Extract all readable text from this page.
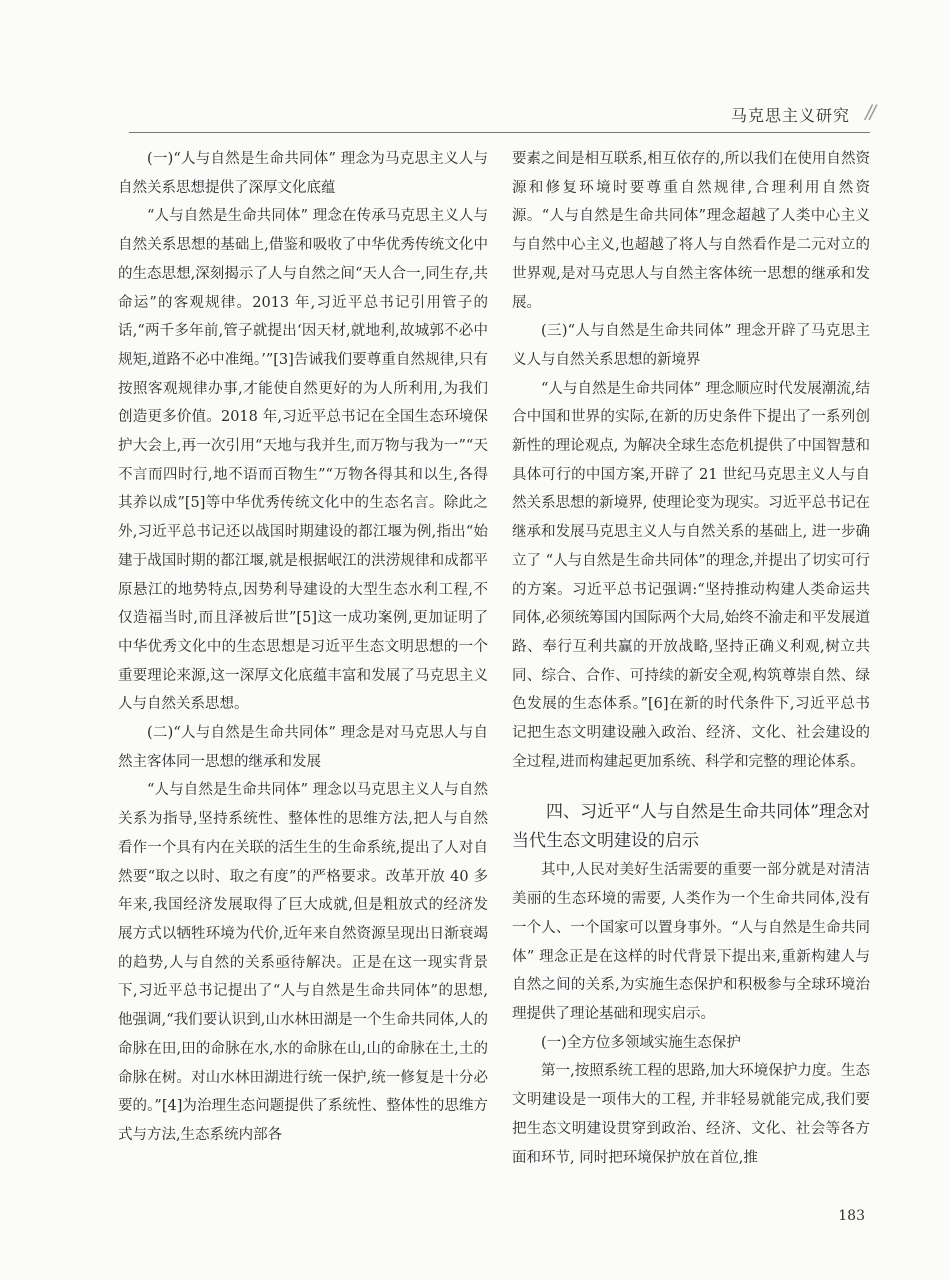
马克思主义研究 //

(一)“人与自然是生命共同体” 理念为马克思主义人与自然关系思想提供了深厚文化底蕴

“人与自然是生命共同体” 理念在传承马克思主义人与自然关系思想的基础上,借鉴和吸收了中华优秀传统文化中的生态思想,深刻揭示了人与自然之间“天人合一,同生存,共命运”的客观规律。2013 年,习近平总书记引用管子的话,“两千多年前,管子就提出‘因天材,就地利,故城郭不必中规矩,道路不必中准绳。’”[3]告诫我们要尊重自然规律,只有按照客观规律办事,才能使自然更好的为人所利用,为我们创造更多价值。2018 年,习近平总书记在全国生态环境保护大会上,再一次引用“天地与我并生,而万物与我为一”“天不言而四时行,地不语而百物生”“万物各得其和以生,各得其养以成”[5]等中华优秀传统文化中的生态名言。除此之外,习近平总书记还以战国时期建设的都江堰为例,指出“始建于战国时期的都江堰,就是根据岷江的洪涝规律和成都平原悬江的地势特点,因势利导建设的大型生态水利工程,不仅造福当时,而且泽被后世”[5]这一成功案例,更加证明了中华优秀文化中的生态思想是习近平生态文明思想的一个重要理论来源,这一深厚文化底蕴丰富和发展了马克思主义人与自然关系思想。

(二)“人与自然是生命共同体” 理念是对马克思人与自然主客体同一思想的继承和发展

“人与自然是生命共同体” 理念以马克思主义人与自然关系为指导,坚持系统性、整体性的思维方法,把人与自然看作一个具有内在关联的活生生的生命系统,提出了人对自然要“取之以时、取之有度”的严格要求。改革开放 40 多年来,我国经济发展取得了巨大成就,但是粗放式的经济发展方式以牺牲环境为代价,近年来自然资源呈现出日渐衰竭的趋势,人与自然的关系亟待解决。正是在这一现实背景下,习近平总书记提出了“人与自然是生命共同体”的思想,他强调,“我们要认识到,山水林田湖是一个生命共同体,人的命脉在田,田的命脉在水,水的命脉在山,山的命脉在土,土的命脉在树。对山水林田湖进行统一保护,统一修复是十分必要的。”[4]为治理生态问题提供了系统性、整体性的思维方式与方法,生态系统内部各

要素之间是相互联系,相互依存的,所以我们在使用自然资源和修复环境时要尊重自然规律,合理利用自然资源。“人与自然是生命共同体”理念超越了人类中心主义与自然中心主义,也超越了将人与自然看作是二元对立的世界观,是对马克思人与自然主客体统一思想的继承和发展。

(三)“人与自然是生命共同体” 理念开辟了马克思主义人与自然关系思想的新境界

“人与自然是生命共同体” 理念顺应时代发展潮流,结合中国和世界的实际,在新的历史条件下提出了一系列创新性的理论观点, 为解决全球生态危机提供了中国智慧和具体可行的中国方案,开辟了 21 世纪马克思主义人与自然关系思想的新境界, 使理论变为现实。习近平总书记在继承和发展马克思主义人与自然关系的基础上, 进一步确立了 “人与自然是生命共同体”的理念,并提出了切实可行的方案。习近平总书记强调:“坚持推动构建人类命运共同体,必须统筹国内国际两个大局,始终不渝走和平发展道路、奉行互利共赢的开放战略,坚持正确义利观,树立共同、综合、合作、可持续的新安全观,构筑尊崇自然、绿色发展的生态体系。”[6]在新的时代条件下,习近平总书记把生态文明建设融入政治、经济、文化、社会建设的全过程,进而构建起更加系统、科学和完整的理论体系。

四、习近平“人与自然是生命共同体”理念对当代生态文明建设的启示

其中,人民对美好生活需要的重要一部分就是对清洁美丽的生态环境的需要, 人类作为一个生命共同体,没有一个人、一个国家可以置身事外。“人与自然是生命共同体” 理念正是在这样的时代背景下提出来,重新构建人与自然之间的关系,为实施生态保护和积极参与全球环境治理提供了理论基础和现实启示。

(一)全方位多领域实施生态保护

第一,按照系统工程的思路,加大环境保护力度。生态文明建设是一项伟大的工程, 并非轻易就能完成,我们要把生态文明建设贯穿到政治、经济、文化、社会等各方面和环节, 同时把环境保护放在首位,推

183
